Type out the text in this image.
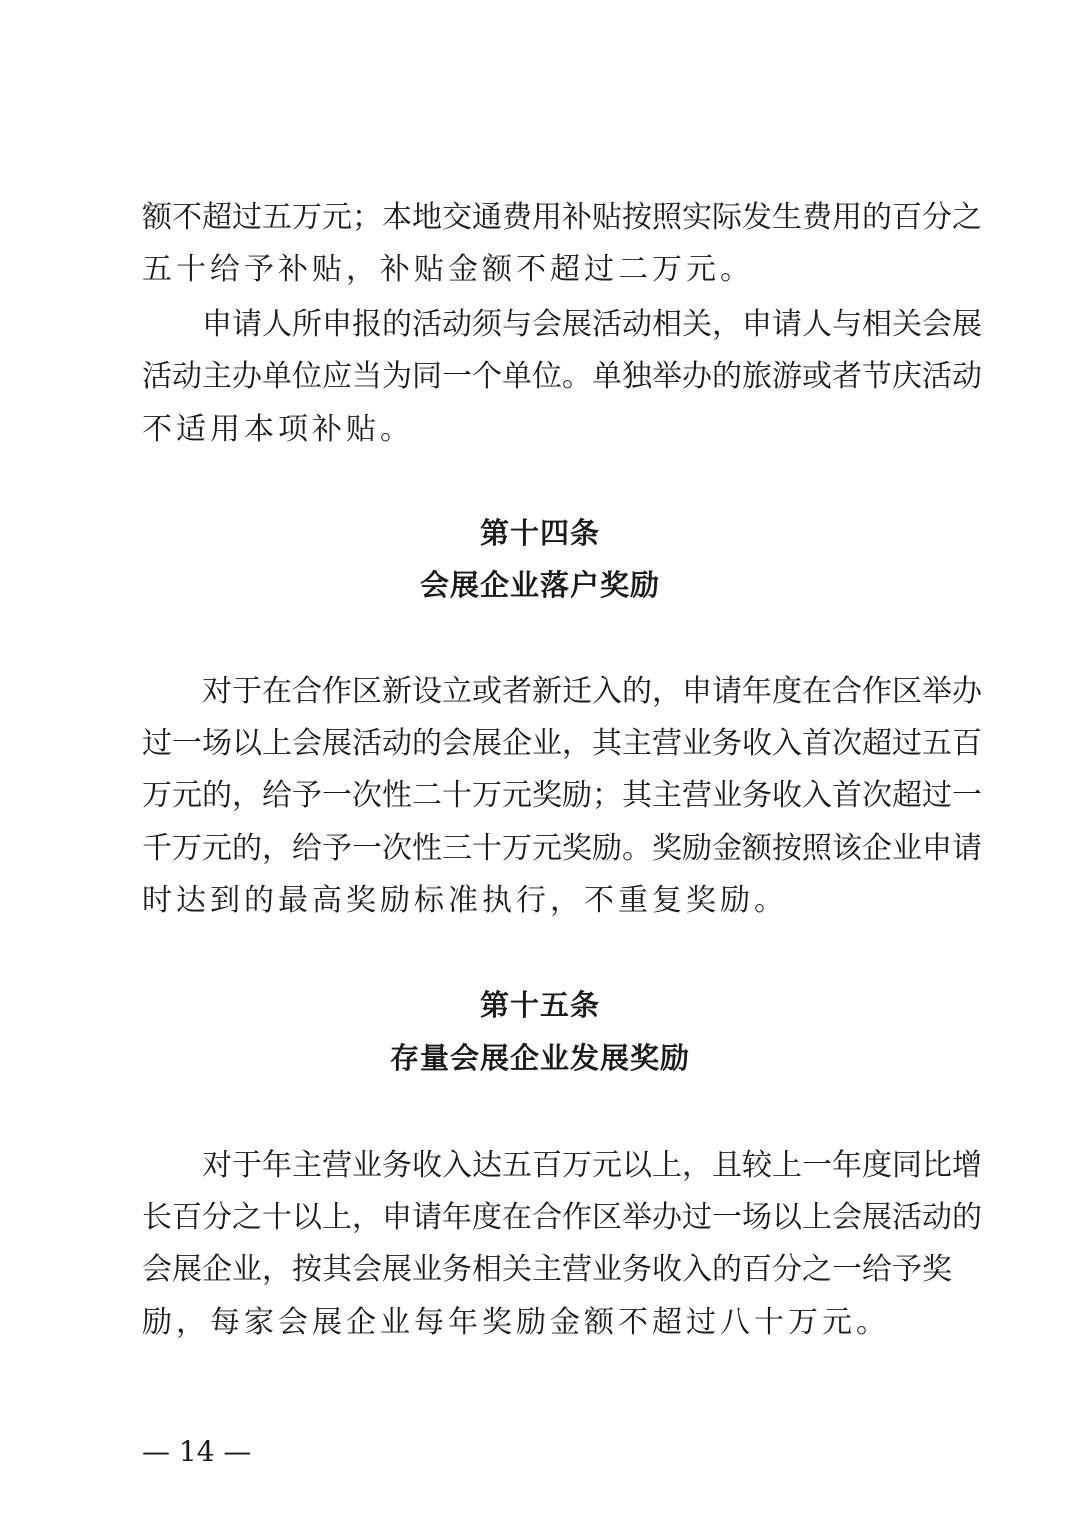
额不超过五万元；本地交通费用补贴按照实际发生费用的百分之
五十给予补贴，补贴金额不超过二万元。
申请人所申报的活动须与会展活动相关，申请人与相关会展
活动主办单位应当为同一个单位。单独举办的旅游或者节庆活动
不适用本项补贴。
第十四条
会展企业落户奖励
对于在合作区新设立或者新迁入的，申请年度在合作区举办
过一场以上会展活动的会展企业，其主营业务收入首次超过五百
万元的，给予一次性二十万元奖励；其主营业务收入首次超过一
千万元的，给予一次性三十万元奖励。奖励金额按照该企业申请
时达到的最高奖励标准执行，不重复奖励。
第十五条
存量会展企业发展奖励
对于年主营业务收入达五百万元以上，且较上一年度同比增
长百分之十以上，申请年度在合作区举办过一场以上会展活动的
会展企业，按其会展业务相关主营业务收入的百分之一给予奖
励，每家会展企业每年奖励金额不超过八十万元。
— 14 —
